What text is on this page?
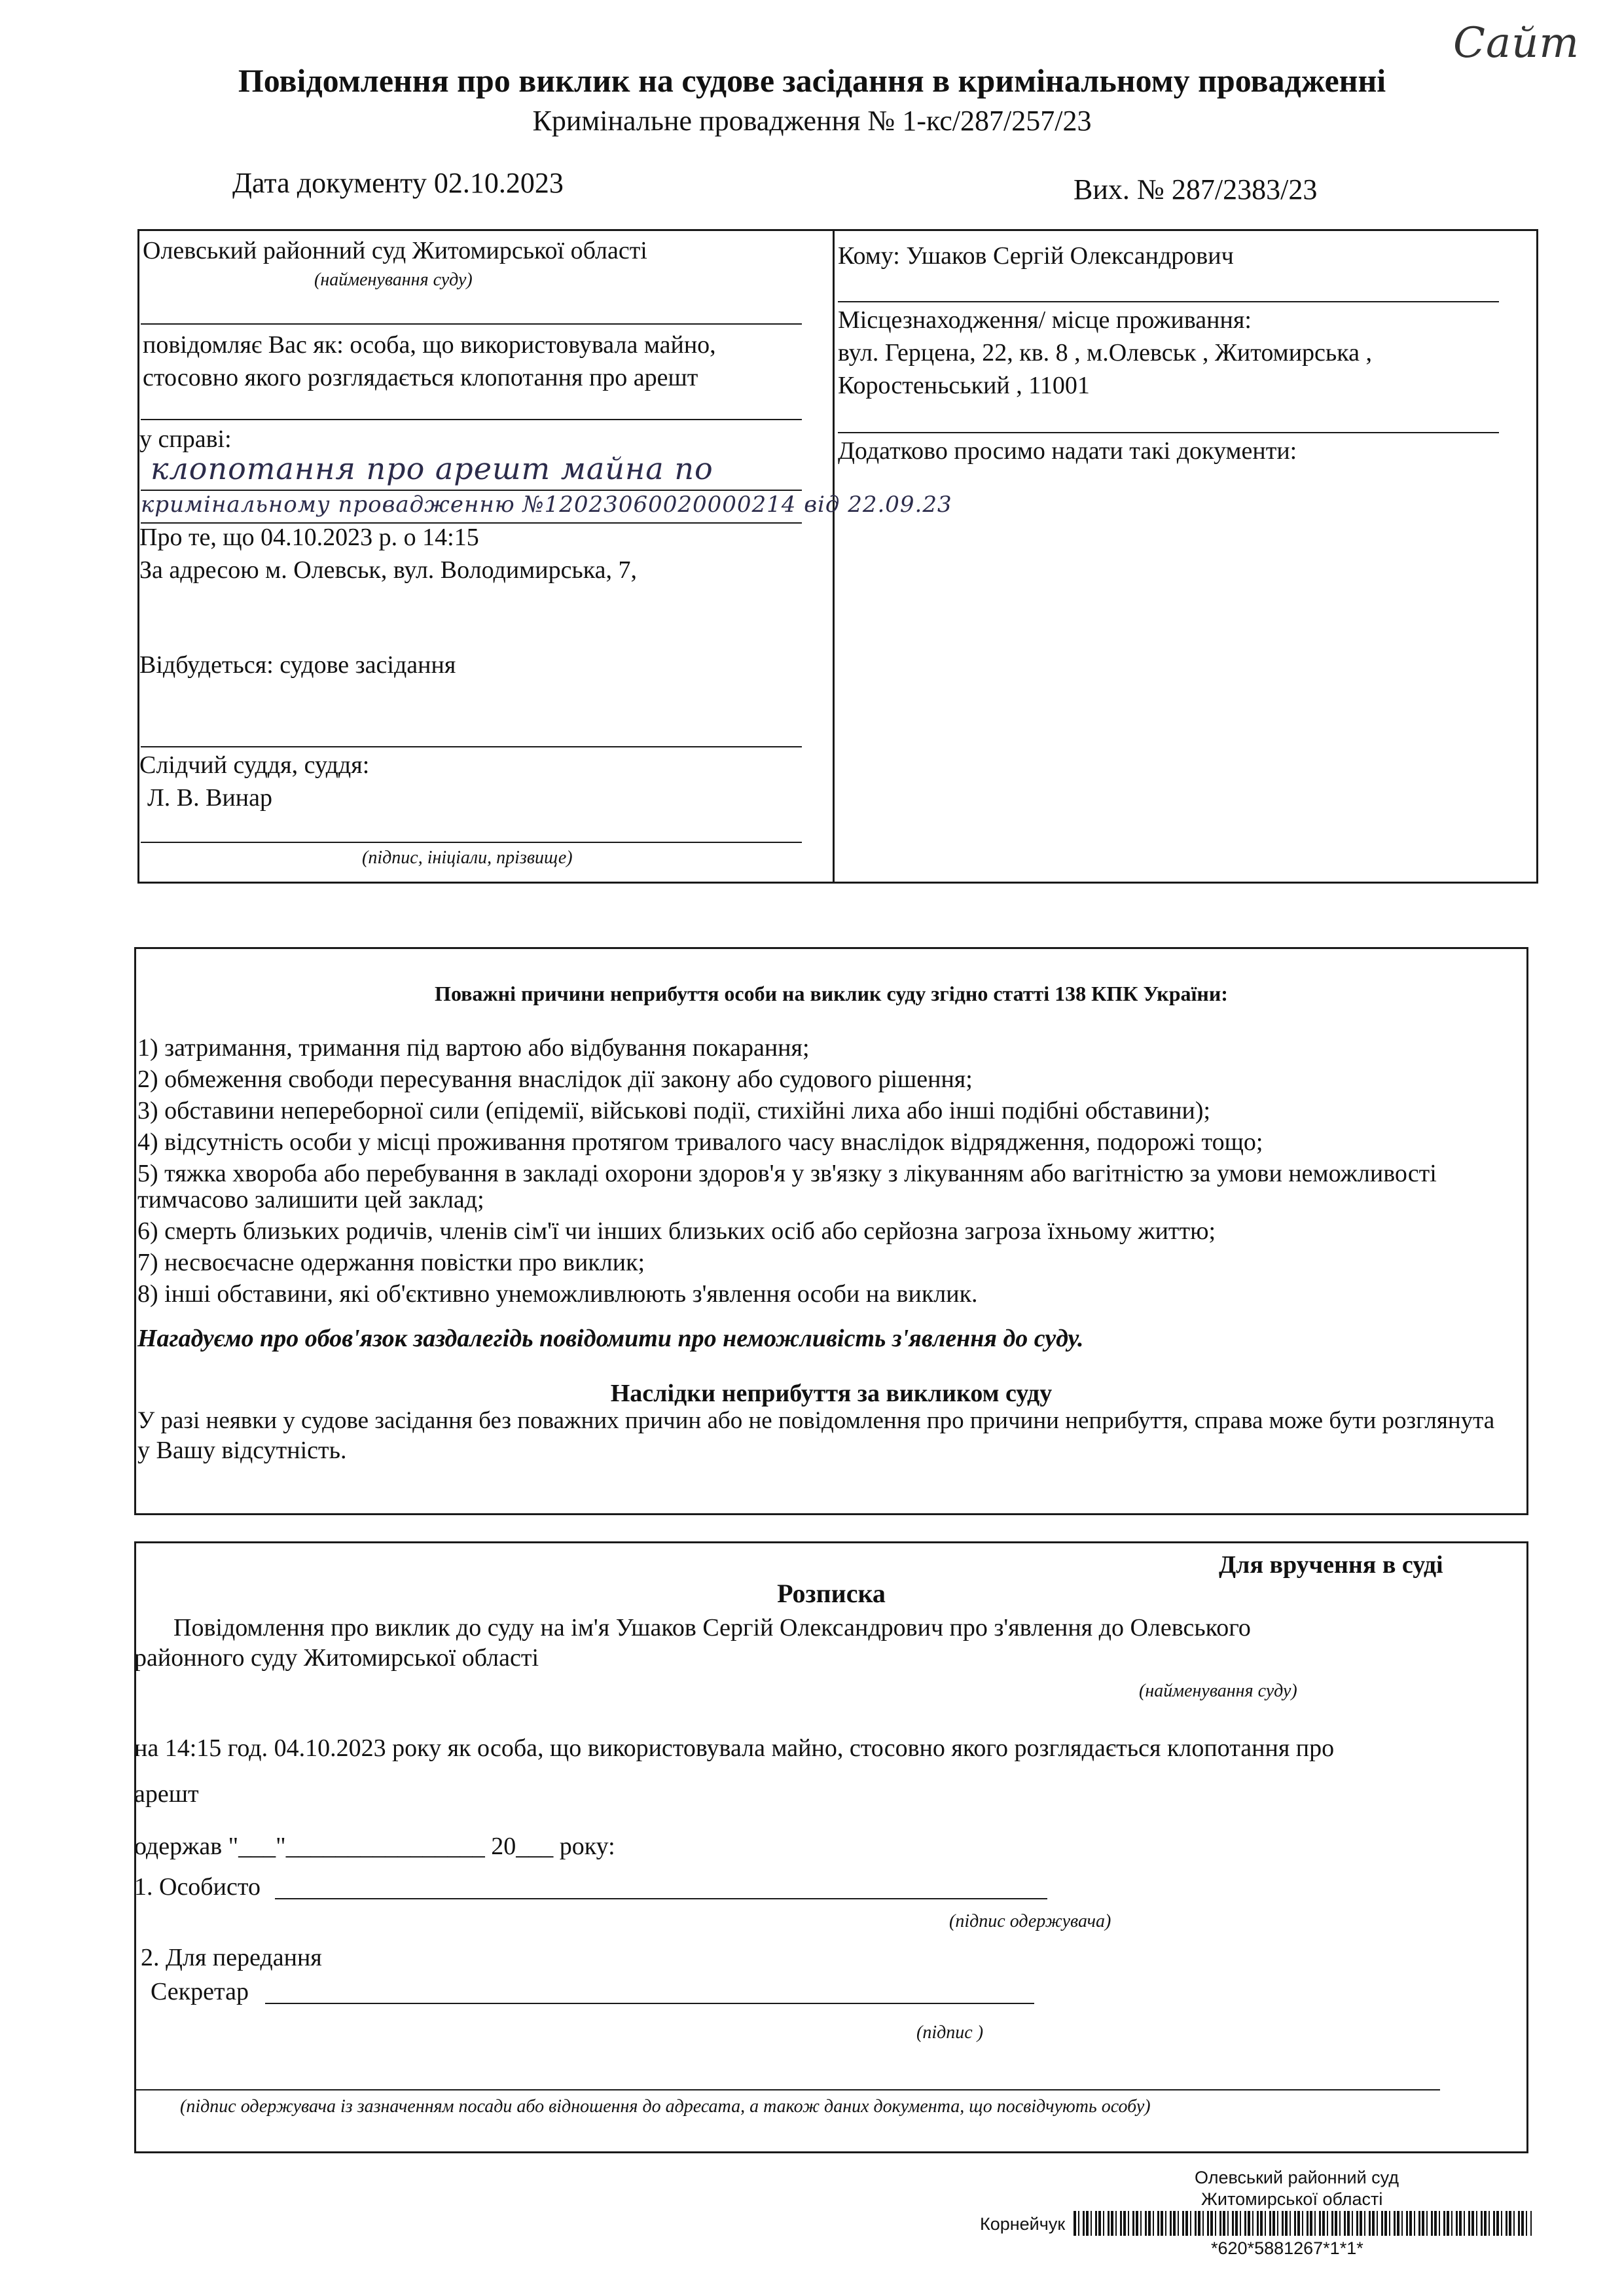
Сайт
Повідомлення про виклик на судове засідання в кримінальному провадженні
Кримінальне провадження № 1-кс/287/257/23
Дата документу 02.10.2023	Вих. № 287/2383/23
Олевський районний суд Житомирської області
(найменування суду)
повідомляє Вас як: особа, що використовувала майно,
стосовно якого розглядається клопотання про арешт
у справі:
клопотання про арешт майна по
кримінальному провадженню №12023060020000214 від 22.09.23
Про те, що 04.10.2023 р. о 14:15
За адресою м. Олевськ, вул. Володимирська, 7,
Відбудеться: судове засідання
Слідчий суддя, суддя:
Л. В. Винар
(підпис, ініціали, прізвище)
Кому: Ушаков Сергій Олександрович
Місцезнаходження/ місце проживання:
вул. Герцена, 22, кв. 8 , м.Олевськ , Житомирська ,
Коростеньський , 11001
Додатково просимо надати такі документи:
Поважні причини неприбуття особи на виклик суду згідно статті 138 КПК України:
1) затримання, тримання під вартою або відбування покарання;
2) обмеження свободи пересування внаслідок дії закону або судового рішення;
3) обставини непереборної сили (епідемії, військові події, стихійні лиха або інші подібні обставини);
4) відсутність особи у місці проживання протягом тривалого часу внаслідок відрядження, подорожі тощо;
5) тяжка хвороба або перебування в закладі охорони здоров'я у зв'язку з лікуванням або вагітністю за умови неможливості
тимчасово залишити цей заклад;
6) смерть близьких родичів, членів сім'ї чи інших близьких осіб або серйозна загроза їхньому життю;
7) несвоєчасне одержання повістки про виклик;
8) інші обставини, які об'єктивно унеможливлюють з'явлення особи на виклик.
Нагадуємо про обов'язок заздалегідь повідомити про неможливість з'явлення до суду.
Наслідки неприбуття за викликом суду
У разі неявки у судове засідання без поважних причин або не повідомлення про причини неприбуття, справа може бути розглянута
у Вашу відсутність.
Для вручення в суді
Розписка
Повідомлення про виклик до суду на ім'я Ушаков Сергій Олександрович про з'явлення до Олевського
районного суду Житомирської області
(найменування суду)
на 14:15 год. 04.10.2023 року як особа, що використовувала майно, стосовно якого розглядається клопотання про
арешт
одержав "___"________________ 20___ року:
1. Особисто
(підпис одержувача)
2. Для передання
Секретар
(підпис )
(підпис одержувача із зазначенням посади або відношення до адресата, а також даних документа, що посвідчують особу)
Олевський районний суд
Житомирської області
Корнейчук
*620*5881267*1*1*
